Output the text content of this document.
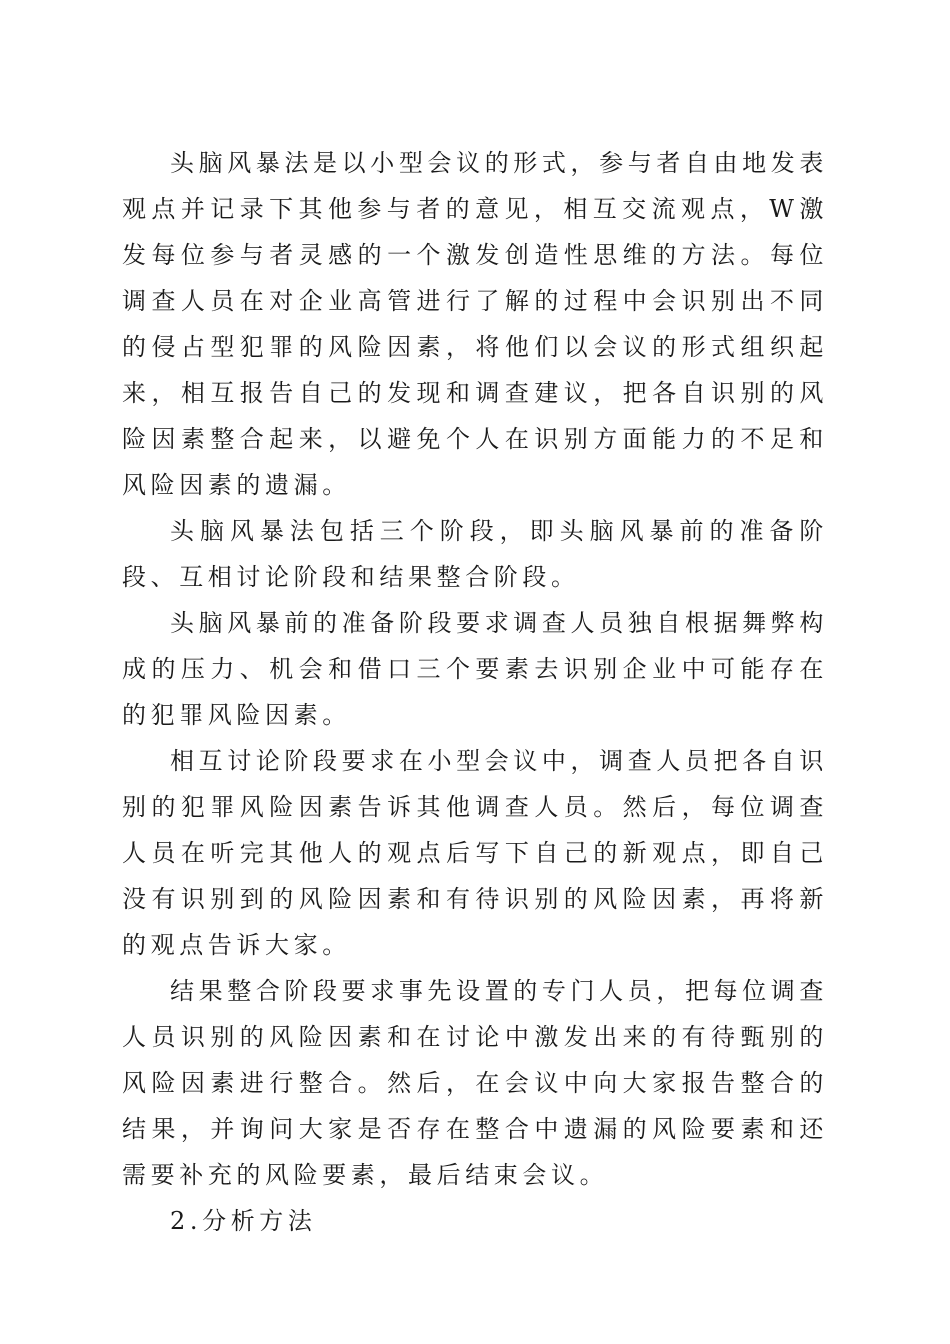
头脑风暴法是以小型会议的形式，参与者自由地发表观点并记录下其他参与者的意见，相互交流观点，W激发每位参与者灵感的一个激发创造性思维的方法。每位调查人员在对企业高管进行了解的过程中会识别出不同的侵占型犯罪的风险因素，将他们以会议的形式组织起来，相互报告自己的发现和调查建议，把各自识别的风险因素整合起来，以避免个人在识别方面能力的不足和风险因素的遗漏。

头脑风暴法包括三个阶段，即头脑风暴前的准备阶段、互相讨论阶段和结果整合阶段。

头脑风暴前的准备阶段要求调查人员独自根据舞弊构成的压力、机会和借口三个要素去识别企业中可能存在的犯罪风险因素。

相互讨论阶段要求在小型会议中，调查人员把各自识别的犯罪风险因素告诉其他调查人员。然后，每位调查人员在听完其他人的观点后写下自己的新观点，即自己没有识别到的风险因素和有待识别的风险因素，再将新的观点告诉大家。

结果整合阶段要求事先设置的专门人员，把每位调查人员识别的风险因素和在讨论中激发出来的有待甄别的风险因素进行整合。然后，在会议中向大家报告整合的结果，并询问大家是否存在整合中遗漏的风险要素和还需要补充的风险要素，最后结束会议。

2.分析方法
